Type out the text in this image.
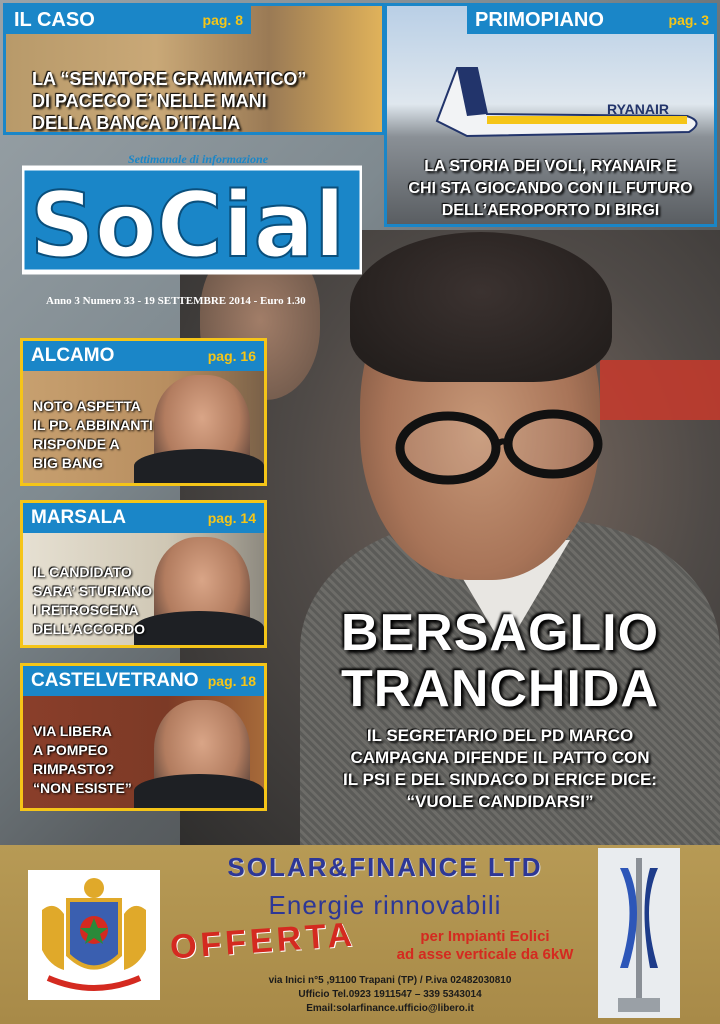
IL CASO	pag. 8
LA “SENATORE GRAMMATICO”
DI PACECO E’ NELLE MANI
DELLA BANCA D’ITALIA
RYANAIR
PRIMOPIANO	pag. 3
LA STORIA DEI VOLI, RYANAIR E
CHI STA GIOCANDO CON IL FUTURO
DELL’AEROPORTO DI BIRGI
Settimanale di informazione
SoCial
Anno 3 Numero 33 - 19 SETTEMBRE 2014 - Euro 1.30
ALCAMO	pag. 16
NOTO ASPETTA
IL PD. ABBINANTI
RISPONDE A
BIG BANG
MARSALA	pag. 14
IL CANDIDATO
SARA’ STURIANO
I RETROSCENA
DELL’ACCORDO
CASTELVETRANO pag. 18
VIA LIBERA
A POMPEO
RIMPASTO?
“NON ESISTE”
BERSAGLIO
TRANCHIDA
IL SEGRETARIO DEL PD MARCO
CAMPAGNA DIFENDE IL PATTO CON
IL PSI E DEL SINDACO DI ERICE DICE:
“VUOLE CANDIDARSI”
SOLAR&FINANCE LTD
Energie rinnovabili
OFFERTA	per Impianti Eolici
ad asse verticale da 6kW
via Inici n°5 ,91100 Trapani (TP) / P.iva 02482030810
Ufficio Tel.0923 1911547 – 339 5343014
Email:solarfinance.ufficio@libero.it
